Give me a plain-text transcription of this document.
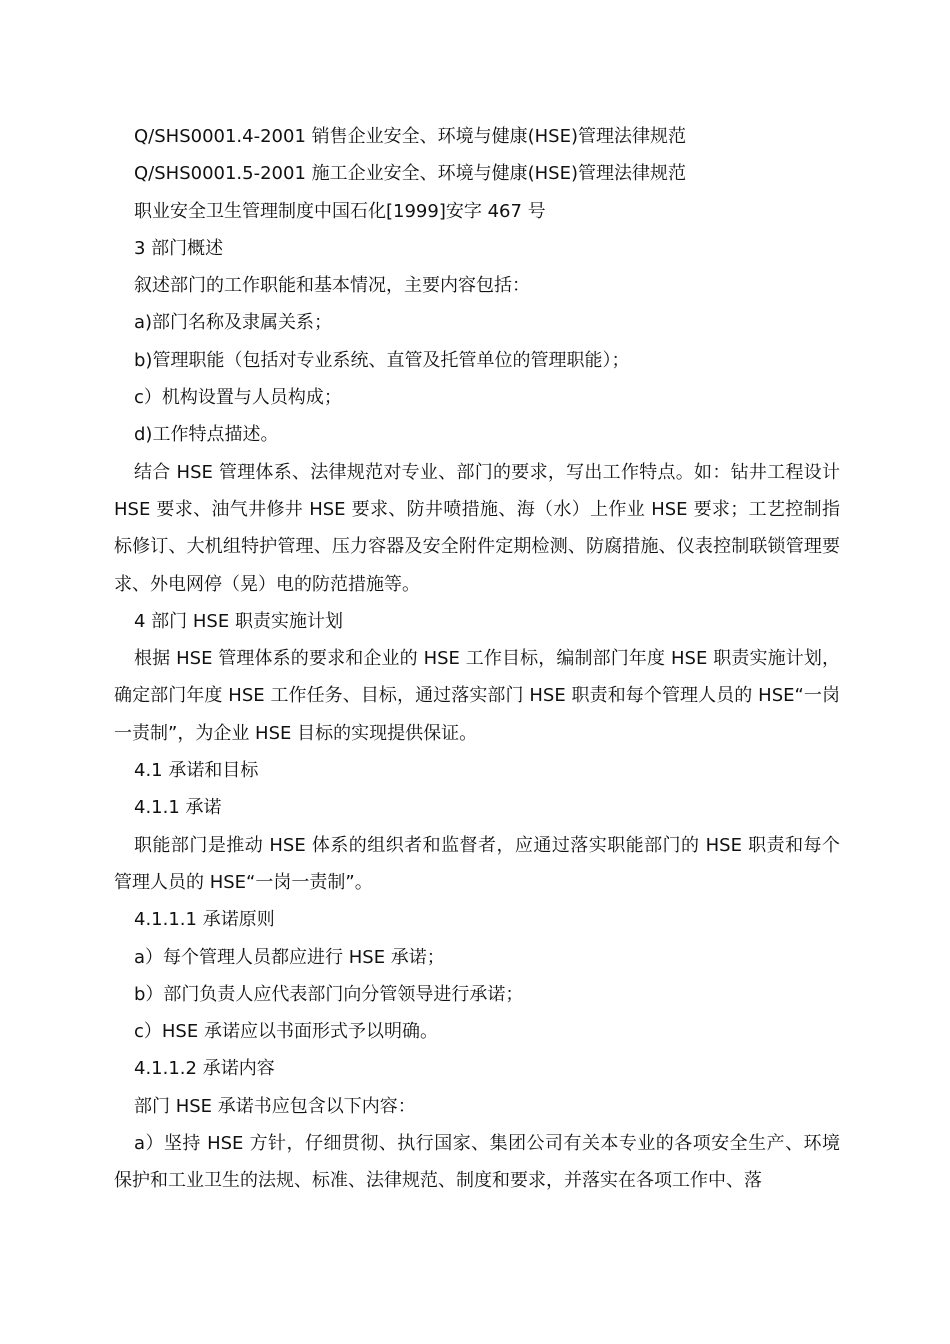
Q/SHS0001.4-2001 销售企业安全、环境与健康(HSE)管理法律规范
Q/SHS0001.5-2001 施工企业安全、环境与健康(HSE)管理法律规范
职业安全卫生管理制度中国石化[1999]安字 467 号
3 部门概述
叙述部门的工作职能和基本情况，主要内容包括：
a)部门名称及隶属关系；
b)管理职能（包括对专业系统、直管及托管单位的管理职能）；
c）机构设置与人员构成；
d)工作特点描述。
结合 HSE 管理体系、法律规范对专业、部门的要求，写出工作特点。如：钻井工程设计 HSE 要求、油气井修井 HSE 要求、防井喷措施、海（水）上作业 HSE 要求；工艺控制指标修订、大机组特护管理、压力容器及安全附件定期检测、防腐措施、仪表控制联锁管理要求、外电网停（晃）电的防范措施等。
4 部门 HSE 职责实施计划
根据 HSE 管理体系的要求和企业的 HSE 工作目标，编制部门年度 HSE 职责实施计划，确定部门年度 HSE 工作任务、目标，通过落实部门 HSE 职责和每个管理人员的 HSE“一岗一责制”，为企业 HSE 目标的实现提供保证。
4.1 承诺和目标
4.1.1 承诺
职能部门是推动 HSE 体系的组织者和监督者，应通过落实职能部门的 HSE 职责和每个管理人员的 HSE“一岗一责制”。
4.1.1.1 承诺原则
a）每个管理人员都应进行 HSE 承诺；
b）部门负责人应代表部门向分管领导进行承诺；
c）HSE 承诺应以书面形式予以明确。
4.1.1.2 承诺内容
部门 HSE 承诺书应包含以下内容：
a）坚持 HSE 方针，仔细贯彻、执行国家、集团公司有关本专业的各项安全生产、环境保护和工业卫生的法规、标准、法律规范、制度和要求，并落实在各项工作中、落
